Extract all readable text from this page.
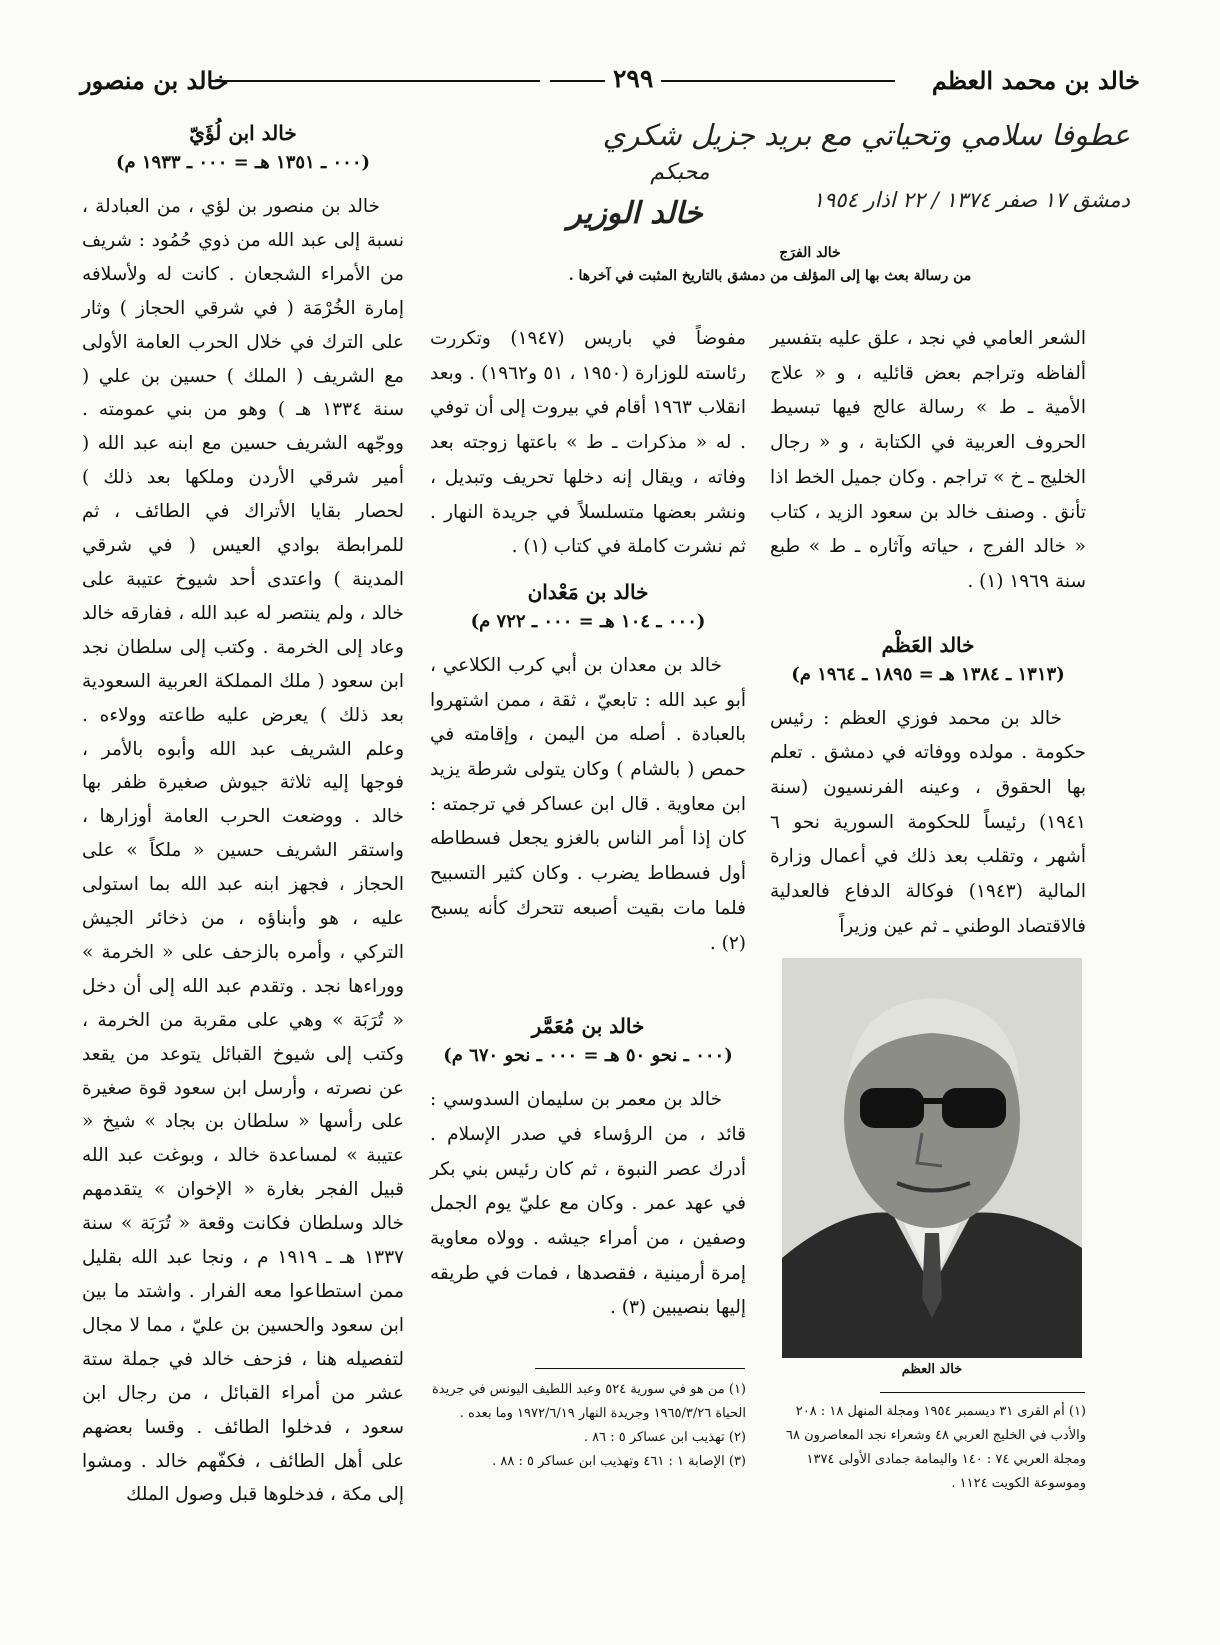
خالد بن محمد العظم
٢٩٩
خالد بن منصور
عطوفا سلامي وتحياتي مع بريد جزيل شكري
دمشق ١٧ صفر ١٣٧٤ / ٢٢ اذار ١٩٥٤
محبكم
خالد الوزير
خالد الفرَج
من رسالة بعث بها إلى المؤلف من دمشق بالتاريخ المثبت في آخرها .

الشعر العامي في نجد ، علق عليه بتفسير ألفاظه وتراجم بعض قائليه ، و « علاج الأمية ـ ط » رسالة عالج فيها تبسيط الحروف العربية في الكتابة ، و « رجال الخليج ـ خ » تراجم . وكان جميل الخط اذا تأنق . وصنف خالد بن سعود الزيد ، كتاب « خالد الفرج ، حياته وآثاره ـ ط » طبع سنة ١٩٦٩ (١) .

خالد العَظْم
(١٣١٣ ـ ١٣٨٤ هـ = ١٨٩٥ ـ ١٩٦٤ م)

خالد بن محمد فوزي العظم : رئيس حكومة . مولده ووفاته في دمشق . تعلم بها الحقوق ، وعينه الفرنسيون (سنة ١٩٤١) رئيساً للحكومة السورية نحو ٦ أشهر ، وتقلب بعد ذلك في أعمال وزارة المالية (١٩٤٣) فوكالة الدفاع فالعدلية فالاقتصاد الوطني ـ ثم عين وزيراً

خالد العظم

(١) أم القرى ٣١ ديسمبر ١٩٥٤ ومجلة المنهل ١٨ : ٢٠٨ والأدب في الخليج العربي ٤٨ وشعراء نجد المعاصرون ٦٨ ومجلة العربي ٧٤ : ١٤٠ واليمامة جمادى الأولى ١٣٧٤ وموسوعة الكويت ١١٢٤ .

مفوضاً في باريس (١٩٤٧) وتكررت رئاسته للوزارة (١٩٥٠ ، ٥١ و١٩٦٢) . وبعد انقلاب ١٩٦٣ أقام في بيروت إلى أن توفي . له « مذكرات ـ ط » باعتها زوجته بعد وفاته ، ويقال إنه دخلها تحريف وتبديل ، ونشر بعضها متسلسلاً في جريدة النهار . ثم نشرت كاملة في كتاب (١) .

خالد بن مَعْدان
(٠٠٠ ـ ١٠٤ هـ = ٠٠٠ ـ ٧٢٢ م)

خالد بن معدان بن أبي كرب الكلاعي ، أبو عبد الله : تابعيّ ، ثقة ، ممن اشتهروا بالعبادة . أصله من اليمن ، وإقامته في حمص ( بالشام ) وكان يتولى شرطة يزيد ابن معاوية . قال ابن عساكر في ترجمته : كان إذا أمر الناس بالغزو يجعل فسطاطه أول فسطاط يضرب . وكان كثير التسبيح فلما مات بقيت أصبعه تتحرك كأنه يسبح (٢) .

خالد بن مُعَمَّر
(٠٠٠ ـ نحو ٥٠ هـ = ٠٠٠ ـ نحو ٦٧٠ م)

خالد بن معمر بن سليمان السدوسي : قائد ، من الرؤساء في صدر الإسلام . أدرك عصر النبوة ، ثم كان رئيس بني بكر في عهد عمر . وكان مع عليّ يوم الجمل وصفين ، من أمراء جيشه . وولاه معاوية إمرة أرمينية ، فقصدها ، فمات في طريقه إليها بنصيبين (٣) .

(١) من هو في سورية ٥٢٤ وعبد اللطيف اليونس في جريدة الحياة ١٩٦٥/٣/٢٦ وجريدة النهار ١٩٧٢/٦/١٩ وما بعده .

(٢) تهذيب ابن عساكر ٥ : ٨٦ .

(٣) الإصابة ١ : ٤٦١ وتهذيب ابن عساكر ٥ : ٨٨ .

خالد ابن لُؤَيّ
(٠٠٠ ـ ١٣٥١ هـ = ٠٠٠ ـ ١٩٣٣ م)

خالد بن منصور بن لؤي ، من العبادلة ، نسبة إلى عبد الله من ذوي حُمُود : شريف من الأمراء الشجعان . كانت له ولأسلافه إمارة الخُرْمَة ( في شرقي الحجاز ) وثار على الترك في خلال الحرب العامة الأولى مع الشريف ( الملك ) حسين بن علي ( سنة ١٣٣٤ هـ ) وهو من بني عمومته . ووجّهه الشريف حسين مع ابنه عبد الله ( أمير شرقي الأردن وملكها بعد ذلك ) لحصار بقايا الأتراك في الطائف ، ثم للمرابطة بوادي العيس ( في شرقي المدينة ) واعتدى أحد شيوخ عتيبة على خالد ، ولم ينتصر له عبد الله ، ففارقه خالد وعاد إلى الخرمة . وكتب إلى سلطان نجد ابن سعود ( ملك المملكة العربية السعودية بعد ذلك ) يعرض عليه طاعته وولاءه . وعلم الشريف عبد الله وأبوه بالأمر ، فوجها إليه ثلاثة جيوش صغيرة ظفر بها خالد . ووضعت الحرب العامة أوزارها ، واستقر الشريف حسين « ملكاً » على الحجاز ، فجهز ابنه عبد الله بما استولى عليه ، هو وأبناؤه ، من ذخائر الجيش التركي ، وأمره بالزحف على « الخرمة » ووراءها نجد . وتقدم عبد الله إلى أن دخل « تُرَبَة » وهي على مقربة من الخرمة ، وكتب إلى شيوخ القبائل يتوعد من يقعد عن نصرته ، وأرسل ابن سعود قوة صغيرة على رأسها « سلطان بن بجاد » شيخ « عتيبة » لمساعدة خالد ، وبوغت عبد الله قبيل الفجر بغارة « الإخوان » يتقدمهم خالد وسلطان فكانت وقعة « تُرَبَة » سنة ١٣٣٧ هـ ـ ١٩١٩ م ، ونجا عبد الله بقليل ممن استطاعوا معه الفرار . واشتد ما بين ابن سعود والحسين بن عليّ ، مما لا مجال لتفصيله هنا ، فزحف خالد في جملة ستة عشر من أمراء القبائل ، من رجال ابن سعود ، فدخلوا الطائف . وقسا بعضهم على أهل الطائف ، فكفّهم خالد . ومشوا إلى مكة ، فدخلوها قبل وصول الملك
